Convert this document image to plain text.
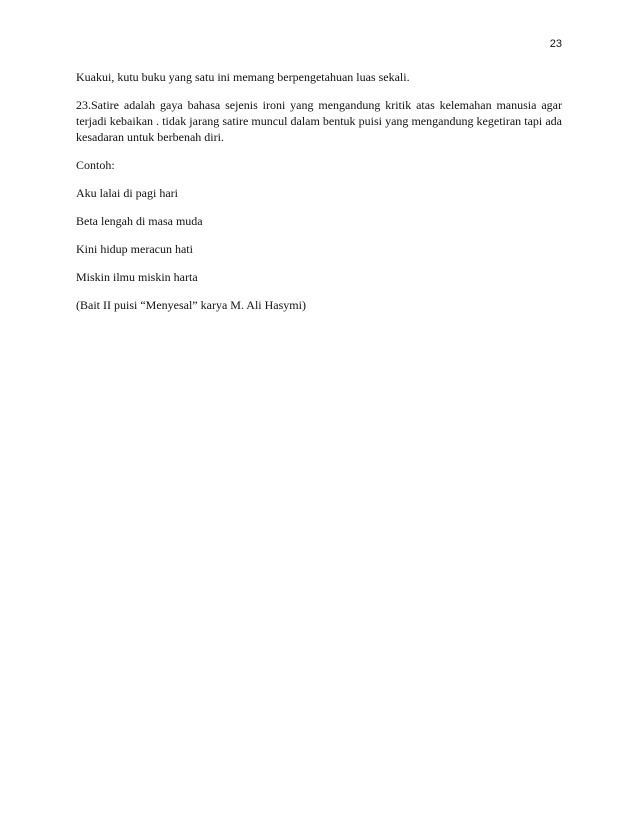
23

Kuakui, kutu buku yang satu ini memang berpengetahuan luas sekali.

23.Satire adalah gaya bahasa sejenis ironi yang mengandung kritik atas kelemahan manusia agar terjadi kebaikan . tidak jarang satire muncul dalam bentuk puisi yang mengandung kegetiran tapi ada kesadaran untuk berbenah diri.

Contoh:

Aku lalai di pagi hari

Beta lengah di masa muda

Kini hidup meracun hati

Miskin ilmu miskin harta

(Bait II puisi “Menyesal” karya M. Ali Hasymi)
